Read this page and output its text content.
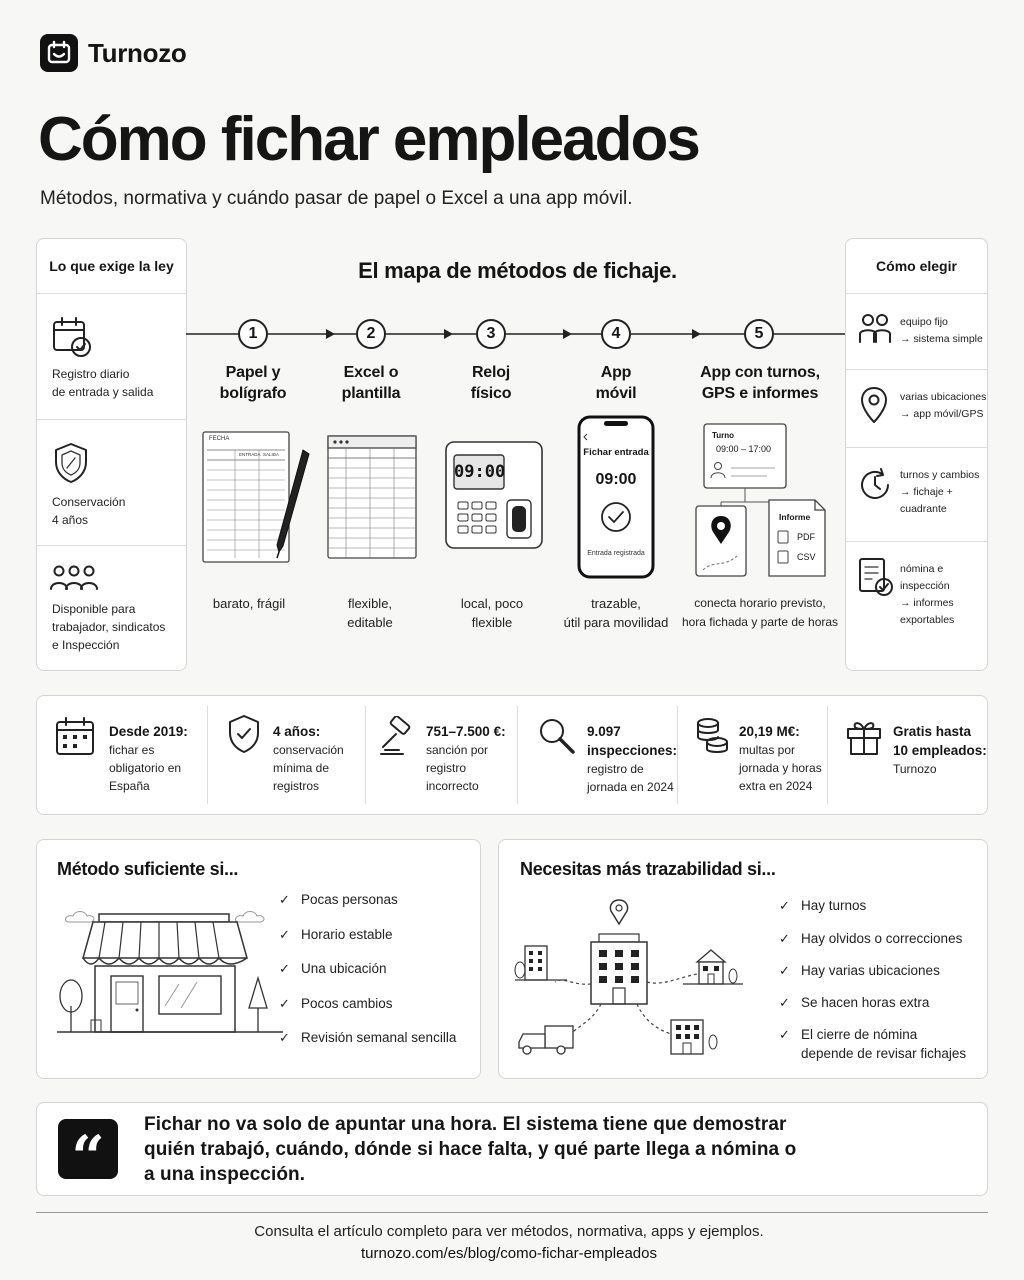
Turnozo
Cómo fichar empleados
Métodos, normativa y cuándo pasar de papel o Excel a una app móvil.
Lo que exige la ley
Registro diario
de entrada y salida
Conservación
4 años
Disponible para
trabajador, sindicatos
e Inspección
El mapa de métodos de fichaje.
1	2	3	4	5
Papel y
bolígrafo
Excel o
plantilla
Reloj
físico
App
móvil
App con turnos,
GPS e informes
FECHA
ENTRADA SALIDA
09:00
Fichar entrada
09:00
Entrada registrada
Turno
09:00 – 17:00
Informe
PDF
CSV
barato, frágil	flexible,
editable
local, poco
flexible
trazable,
útil para movilidad
conecta horario previsto,
hora fichada y parte de horas
Cómo elegir
equipo fijo
→ sistema simple
varias ubicaciones
→ app móvil/GPS
turnos y cambios
→ fichaje +
cuadrante
nómina e inspección
→ informes
exportables
Desde 2019:
fichar es
obligatorio en
España
4 años:
conservación
mínima de
registros
751–7.500 €:
sanción por
registro
incorrecto
9.097
inspecciones:
registro de
jornada en 2024
20,19 M€:
multas por
jornada y horas
extra en 2024
Gratis hasta
10 empleados:
Turnozo
Método suficiente si...
✓ Pocas personas
✓ Horario estable
✓ Una ubicación
✓ Pocos cambios
✓ Revisión semanal sencilla
Necesitas más trazabilidad si...
✓ Hay turnos
✓ Hay olvidos o correcciones
✓ Hay varias ubicaciones
✓ Se hacen horas extra
✓ El cierre de nómina
depende de revisar fichajes
“	Fichar no va solo de apuntar una hora. El sistema tiene que demostrar
quién trabajó, cuándo, dónde si hace falta, y qué parte llega a nómina o
a una inspección.
Consulta el artículo completo para ver métodos, normativa, apps y ejemplos.
turnozo.com/es/blog/como-fichar-empleados
